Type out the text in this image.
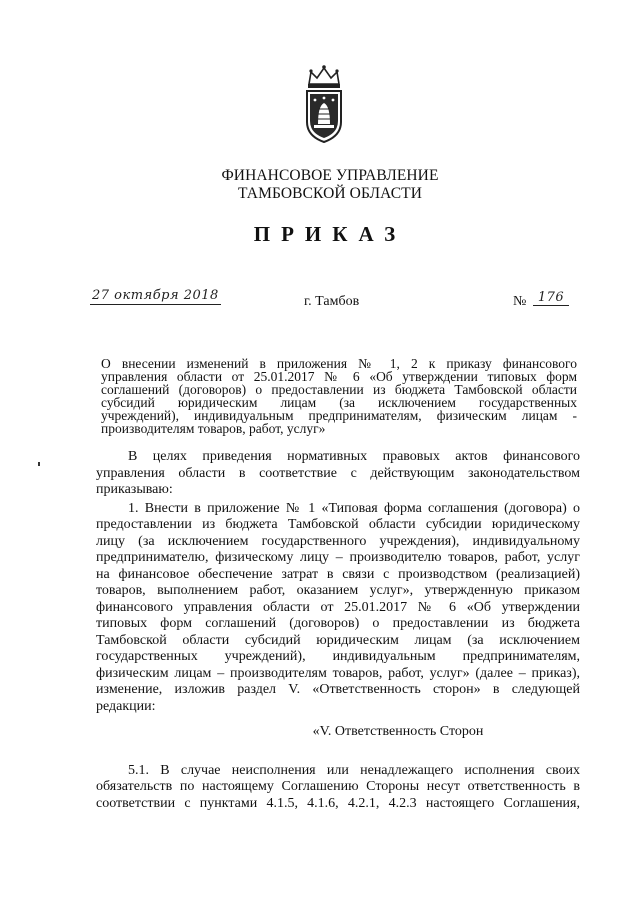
ФИНАНСОВОЕ УПРАВЛЕНИЕ
ТАМБОВСКОЙ ОБЛАСТИ
ПРИКАЗ
27 октября 2018	г. Тамбов	№ 176
О внесении изменений в приложения № 1, 2 к приказу финансового
управления области от 25.01.2017 № 6 «Об утверждении типовых форм
соглашений (договоров) о предоставлении из бюджета Тамбовской области
субсидий юридическим лицам (за исключением государственных
учреждений), индивидуальным предпринимателям, физическим лицам -
производителям товаров, работ, услуг»
В целях приведения нормативных правовых актов финансового
управления области в соответствие с действующим законодательством
приказываю:
1. Внести в приложение № 1 «Типовая форма соглашения (договора) о
предоставлении из бюджета Тамбовской области субсидии юридическому
лицу (за исключением государственного учреждения), индивидуальному
предпринимателю, физическому лицу – производителю товаров, работ, услуг
на финансовое обеспечение затрат в связи с производством (реализацией)
товаров, выполнением работ, оказанием услуг», утвержденную приказом
финансового управления области от 25.01.2017 № 6 «Об утверждении
типовых форм соглашений (договоров) о предоставлении из бюджета
Тамбовской области субсидий юридическим лицам (за исключением
государственных учреждений), индивидуальным предпринимателям,
физическим лицам – производителям товаров, работ, услуг» (далее – приказ),
изменение, изложив раздел V. «Ответственность сторон» в следующей
редакции:
«V. Ответственность Сторон
5.1. В случае неисполнения или ненадлежащего исполнения своих
обязательств по настоящему Соглашению Стороны несут ответственность в
соответствии с пунктами 4.1.5, 4.1.6, 4.2.1, 4.2.3 настоящего Соглашения,
